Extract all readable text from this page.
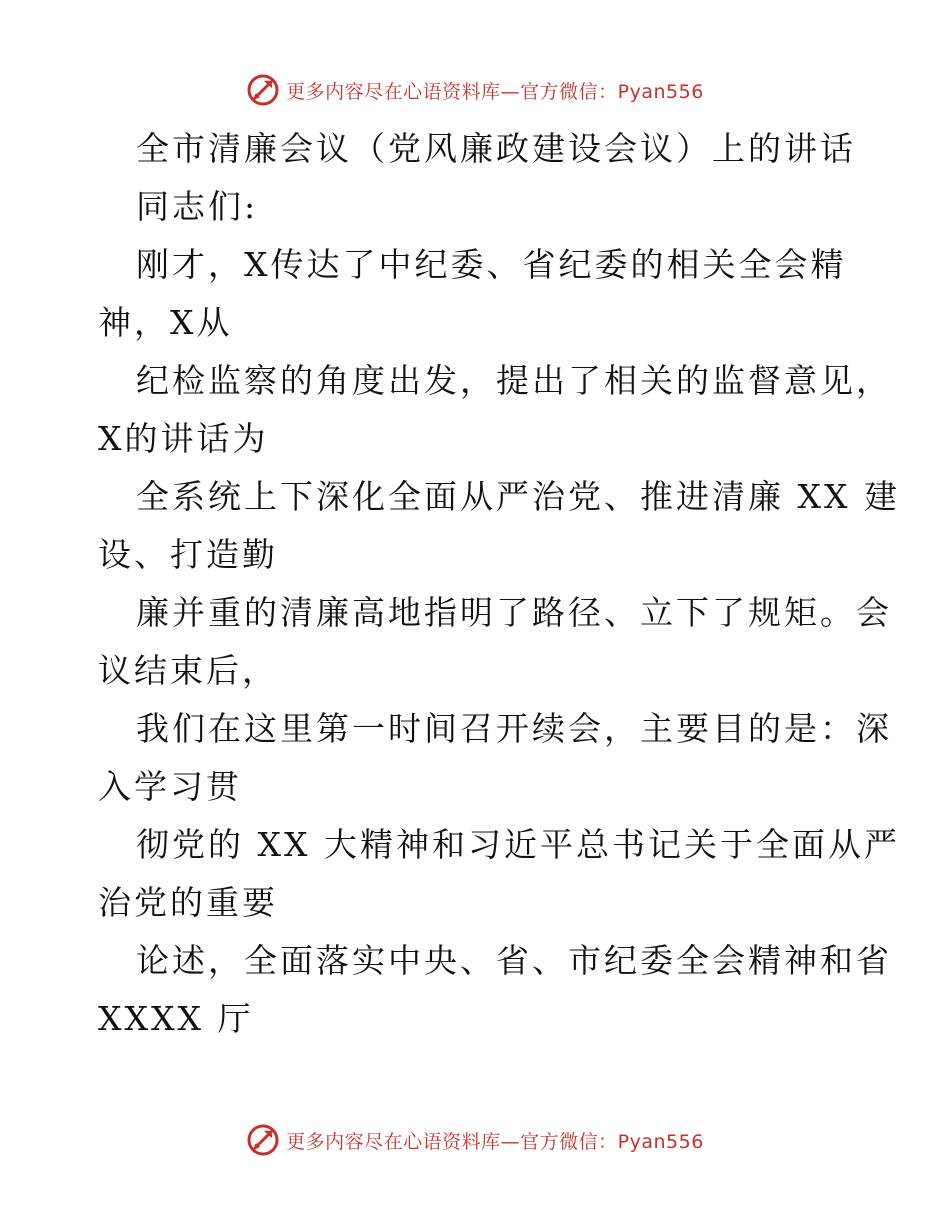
更多内容尽在心语资料库—官方微信：Pyan556
全市清廉会议（党风廉政建设会议）上的讲话
同志们:
刚才，X传达了中纪委、省纪委的相关全会精
神，X从
纪检监察的角度出发，提出了相关的监督意见，
X的讲话为
全系统上下深化全面从严治党、推进清廉 XX 建
设、打造勤
廉并重的清廉高地指明了路径、立下了规矩。会
议结束后，
我们在这里第一时间召开续会，主要目的是：深
入学习贯
彻党的 XX 大精神和习近平总书记关于全面从严
治党的重要
论述，全面落实中央、省、市纪委全会精神和省
XXXX 厅
更多内容尽在心语资料库—官方微信：Pyan556
